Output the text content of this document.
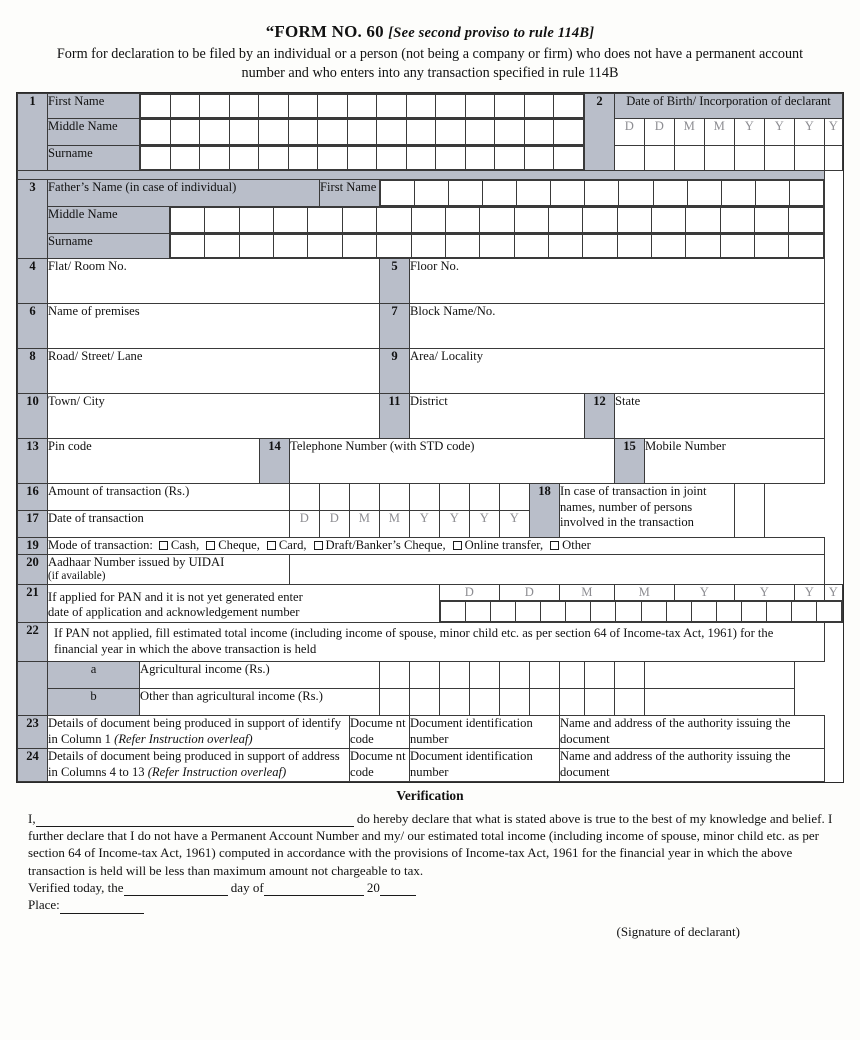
“FORM NO. 60 [See second proviso to rule 114B]
Form for declaration to be filed by an individual or a person (not being a company or firm) who does not have a permanent account number and who enters into any transaction specified in rule 114B
1	First Name																2	Date of Birth/ Incorporation of declarant
Middle Name																D	D	M	M	Y	Y	Y	Y
Surname	

3	Father’s Name (in case of individual)	First Name	

Middle Name	

Surname	

4	Flat/ Room No.	5	Floor No.
6	Name of premises	7	Block Name/No.
8	Road/ Street/ Lane	9	Area/ Locality
10	Town/ City	11	District	12	State
13	Pin code	14	Telephone Number (with STD code)	15	Mobile Number
16	Amount of transaction (Rs.)									18	In case of transaction in joint names, number of persons involved in the transaction	
17	Date of transaction	D	D	M	M	Y	Y	Y	Y
19	Mode of transaction: Cash, Cheque, Card, Draft/Banker’s Cheque, Online transfer, Other
20	Aadhaar Number issued by UIDAI
(if available)

21	If applied for PAN and it is not yet generated enter
date of application and acknowledgement number
	D	D	M	M	Y	Y	Y	Y

22	If PAN not applied, fill estimated total income (including income of spouse, minor child etc. as per section 64 of Income-tax Act, 1961) for the financial year in which the above transaction is held
	a	Agricultural income (Rs.)										
b	Other than agricultural income (Rs.)										
23	Details of document being produced in support of identify in Column 1 (Refer Instruction overleaf)	Docume nt code	Document identification number	Name and address of the authority issuing the document
24	Details of document being produced in support of address in Columns 4 to 13 (Refer Instruction overleaf)	Docume nt code	Document identification number	Name and address of the authority issuing the document
Verification

I,	do hereby declare that what is stated above is true to the best of my knowledge and belief. I further declare that I do not have a Permanent Account Number and my/ our estimated total income (including income of spouse, minor child etc. as per section 64 of Income-tax Act, 1961) computed in accordance with the provisions of Income-tax Act, 1961 for the financial year in which the above transaction is held will be less than maximum amount not chargeable to tax.

Verified today, the	day of	20

Place:

(Signature of declarant)
